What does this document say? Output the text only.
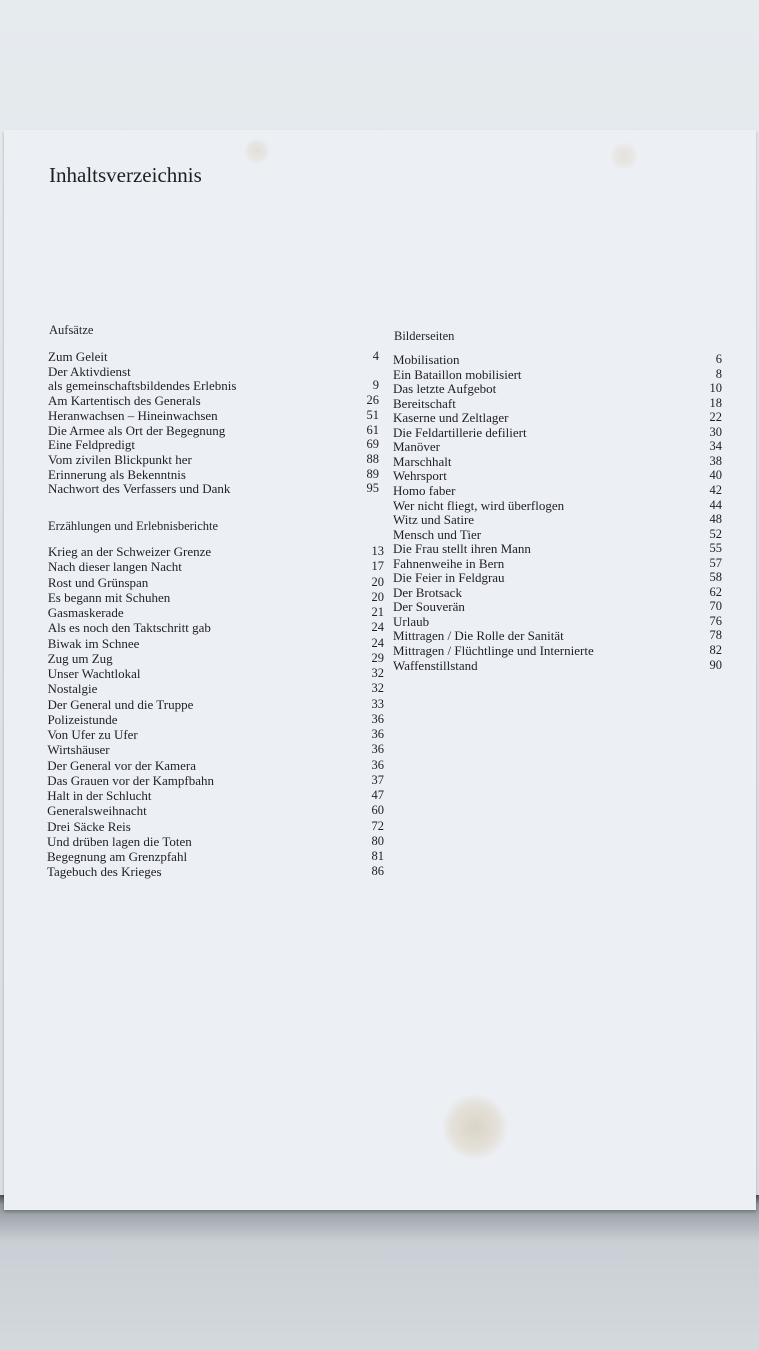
Inhaltsverzeichnis
Aufsätze
Erzählungen und Erlebnisberichte
Bilderseiten
Zum Geleit	4
Der Aktivdienst
als gemeinschaftsbildendes Erlebnis	9
Am Kartentisch des Generals	26
Heranwachsen – Hineinwachsen	51
Die Armee als Ort der Begegnung	61
Eine Feldpredigt	69
Vom zivilen Blickpunkt her	88
Erinnerung als Bekenntnis	89
Nachwort des Verfassers und Dank	95
Krieg an der Schweizer Grenze	13
Nach dieser langen Nacht	17
Rost und Grünspan	20
Es begann mit Schuhen	20
Gasmaskerade	21
Als es noch den Taktschritt gab	24
Biwak im Schnee	24
Zug um Zug	29
Unser Wachtlokal	32
Nostalgie	32
Der General und die Truppe	33
Polizeistunde	36
Von Ufer zu Ufer	36
Wirtshäuser	36
Der General vor der Kamera	36
Das Grauen vor der Kampfbahn	37
Halt in der Schlucht	47
Generalsweihnacht	60
Drei Säcke Reis	72
Und drüben lagen die Toten	80
Begegnung am Grenzpfahl	81
Tagebuch des Krieges	86
Mobilisation	6
Ein Bataillon mobilisiert	8
Das letzte Aufgebot	10
Bereitschaft	18
Kaserne und Zeltlager	22
Die Feldartillerie defiliert	30
Manöver	34
Marschhalt	38
Wehrsport	40
Homo faber	42
Wer nicht fliegt, wird überflogen	44
Witz und Satire	48
Mensch und Tier	52
Die Frau stellt ihren Mann	55
Fahnenweihe in Bern	57
Die Feier in Feldgrau	58
Der Brotsack	62
Der Souverän	70
Urlaub	76
Mittragen / Die Rolle der Sanität	78
Mittragen / Flüchtlinge und Internierte	82
Waffenstillstand	90
